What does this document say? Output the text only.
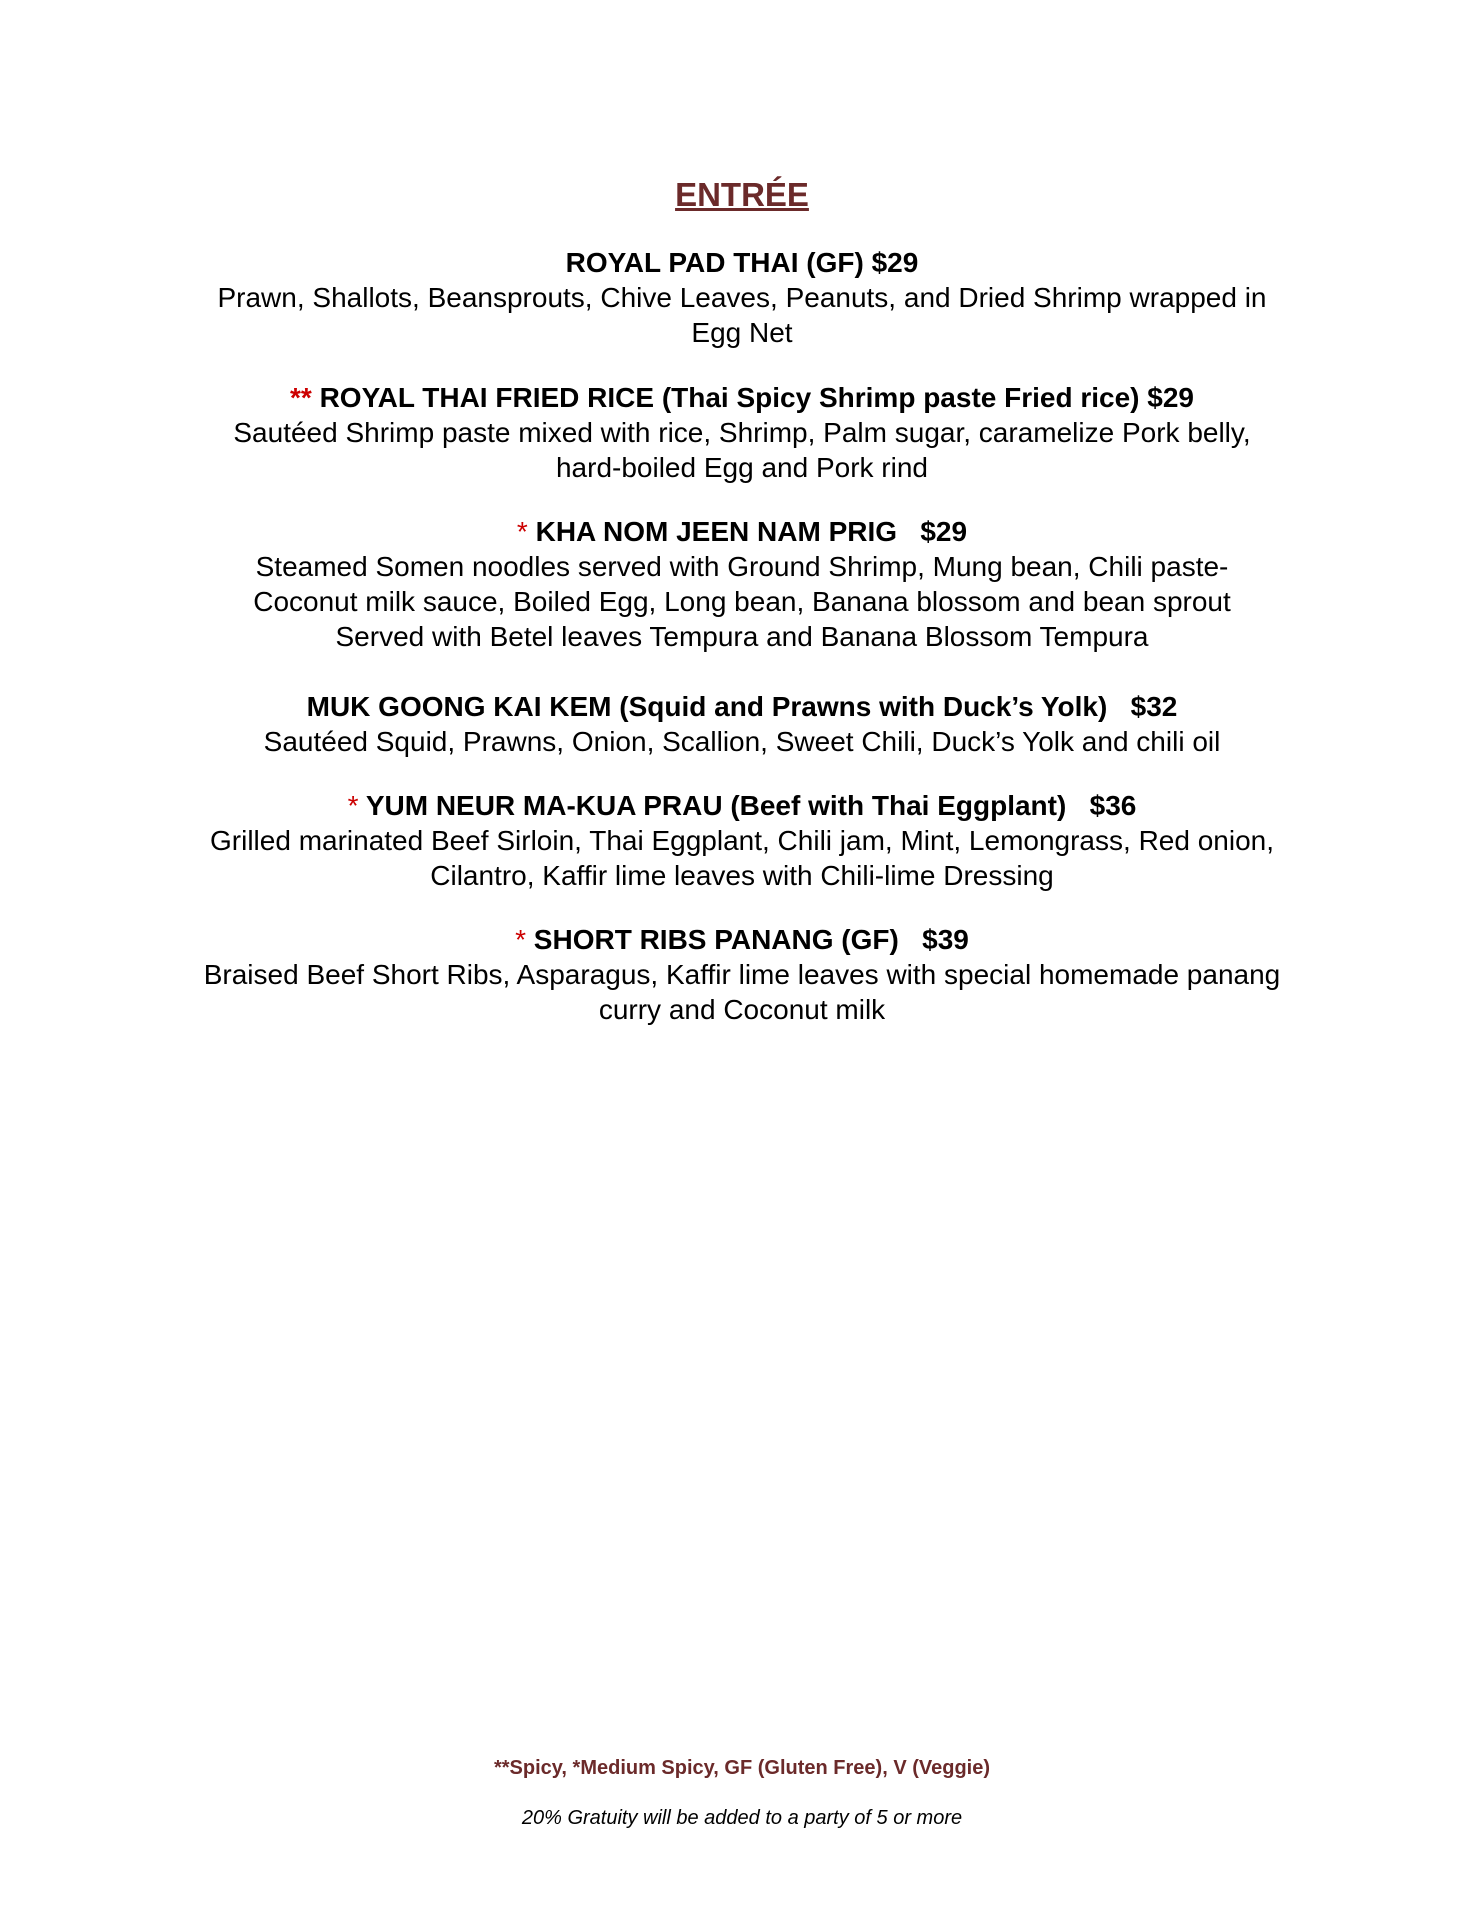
ENTRÉE
ROYAL PAD THAI (GF) $29
Prawn, Shallots, Beansprouts, Chive Leaves, Peanuts, and Dried Shrimp wrapped in
Egg Net
** ROYAL THAI FRIED RICE (Thai Spicy Shrimp paste Fried rice) $29
Sautéed Shrimp paste mixed with rice, Shrimp, Palm sugar, caramelize Pork belly,
hard-boiled Egg and Pork rind
* KHA NOM JEEN NAM PRIG   $29
Steamed Somen noodles served with Ground Shrimp, Mung bean, Chili paste-
Coconut milk sauce, Boiled Egg, Long bean, Banana blossom and bean sprout
Served with Betel leaves Tempura and Banana Blossom Tempura
MUK GOONG KAI KEM (Squid and Prawns with Duck’s Yolk)   $32
Sautéed Squid, Prawns, Onion, Scallion, Sweet Chili, Duck’s Yolk and chili oil
* YUM NEUR MA-KUA PRAU (Beef with Thai Eggplant)   $36
Grilled marinated Beef Sirloin, Thai Eggplant, Chili jam, Mint, Lemongrass, Red onion,
Cilantro, Kaffir lime leaves with Chili-lime Dressing
* SHORT RIBS PANANG (GF)   $39
Braised Beef Short Ribs, Asparagus, Kaffir lime leaves with special homemade panang
curry and Coconut milk
**Spicy, *Medium Spicy, GF (Gluten Free), V (Veggie)
20% Gratuity will be added to a party of 5 or more
